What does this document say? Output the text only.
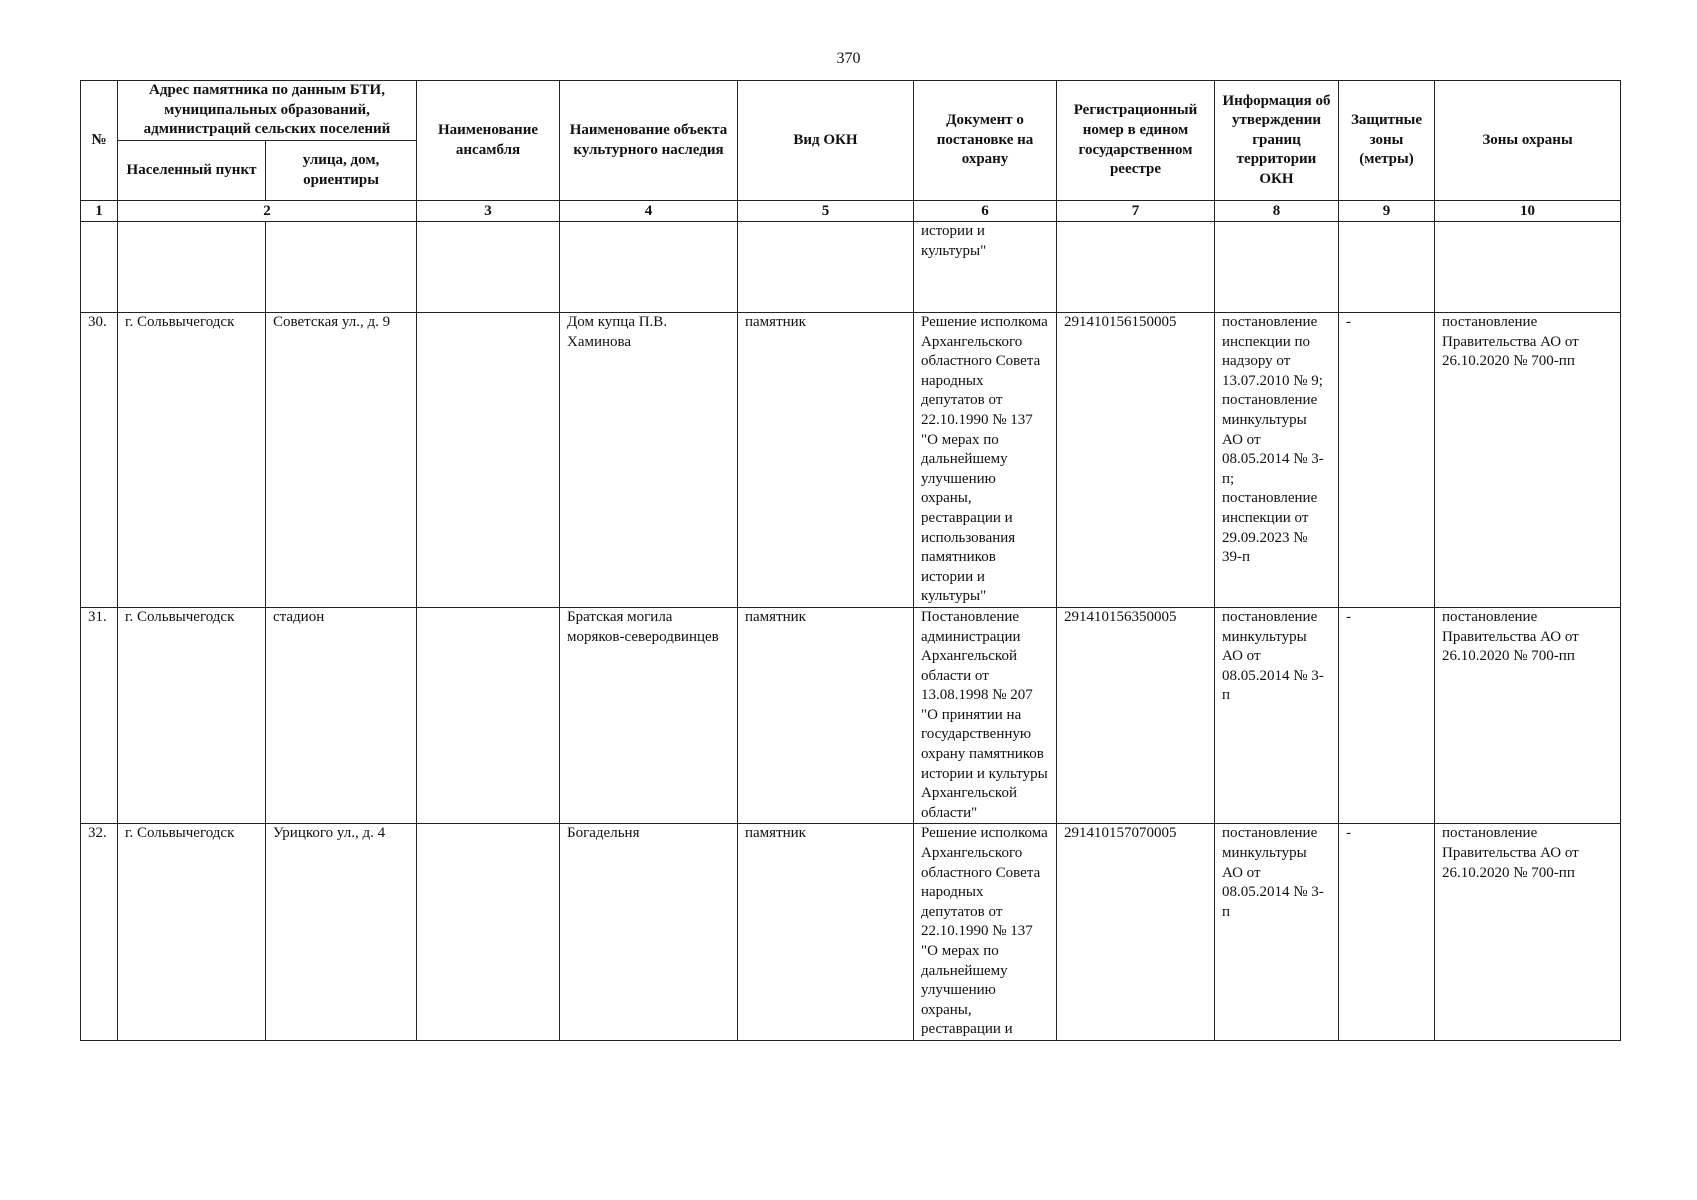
370
№	Адрес памятника по данным БТИ, муниципальных образований, администраций сельских поселений		Наименование ансамбля	Наименование объекта культурного наследия	Вид ОКН	Документ о постановке на охрану	Регистрационный номер в едином государственном реестре	Информация об утверждении границ территории ОКН	Защитные зоны (метры)	Зоны охраны
	Населенный пункт	улица, дом, ориентиры								
1	2		3	4	5	6	7	8	9	10
						истории и культуры"				
30.	г. Сольвычегодск	Советская ул., д. 9		Дом купца П.В. Хаминова	памятник	Решение исполкома Архангельского областного Совета народных депутатов от 22.10.1990 № 137 "О мерах по дальнейшему улучшению охраны, реставрации и использования памятников истории и культуры"	291410156150005	постановление инспекции по надзору от 13.07.2010 № 9; постановление минкультуры АО от 08.05.2014 № 3-п; постановление инспекции от 29.09.2023 № 39-п	-	постановление Правительства АО от 26.10.2020 № 700-пп
31.	г. Сольвычегодск	стадион		Братская могила моряков-северодвинцев	памятник	Постановление администрации Архангельской области от 13.08.1998 № 207 "О принятии на государственную охрану памятников истории и культуры Архангельской области"	291410156350005	постановление минкультуры АО от 08.05.2014 № 3-п	-	постановление Правительства АО от 26.10.2020 № 700-пп
32.	г. Сольвычегодск	Урицкого ул., д. 4		Богадельня	памятник	Решение исполкома Архангельского областного Совета народных депутатов от 22.10.1990 № 137 "О мерах по дальнейшему улучшению охраны, реставрации и	291410157070005	постановление минкультуры АО от 08.05.2014 № 3-п	-	постановление Правительства АО от 26.10.2020 № 700-пп
